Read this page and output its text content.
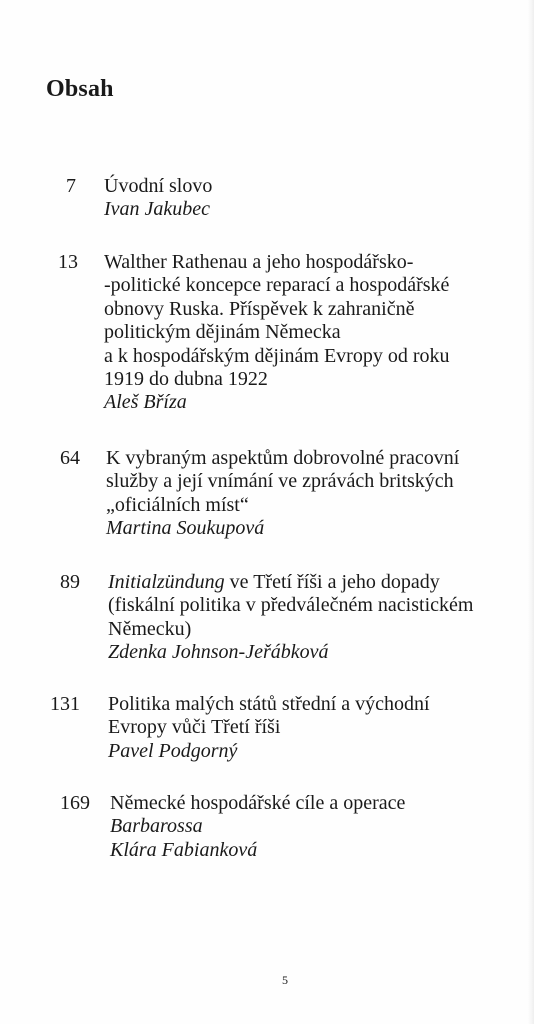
Obsah
7 Úvodní slovo
Ivan Jakubec
13 Walther Rathenau a jeho hospodářsko-
-politické koncepce reparací a hospodářské
obnovy Ruska. Příspěvek k zahraničně
politickým dějinám Německa
a k hospodářským dějinám Evropy od roku
1919 do dubna 1922
Aleš Bříza
64 K vybraným aspektům dobrovolné pracovní
služby a její vnímání ve zprávách britských
„oficiálních míst“
Martina Soukupová
89 Initialzündung ve Třetí říši a jeho dopady
(fiskální politika v předválečném nacistickém
Německu)
Zdenka Johnson-Jeřábková
131 Politika malých států střední a východní
Evropy vůči Třetí říši
Pavel Podgorný
169 Německé hospodářské cíle a operace
Barbarossa
Klára Fabianková
5
